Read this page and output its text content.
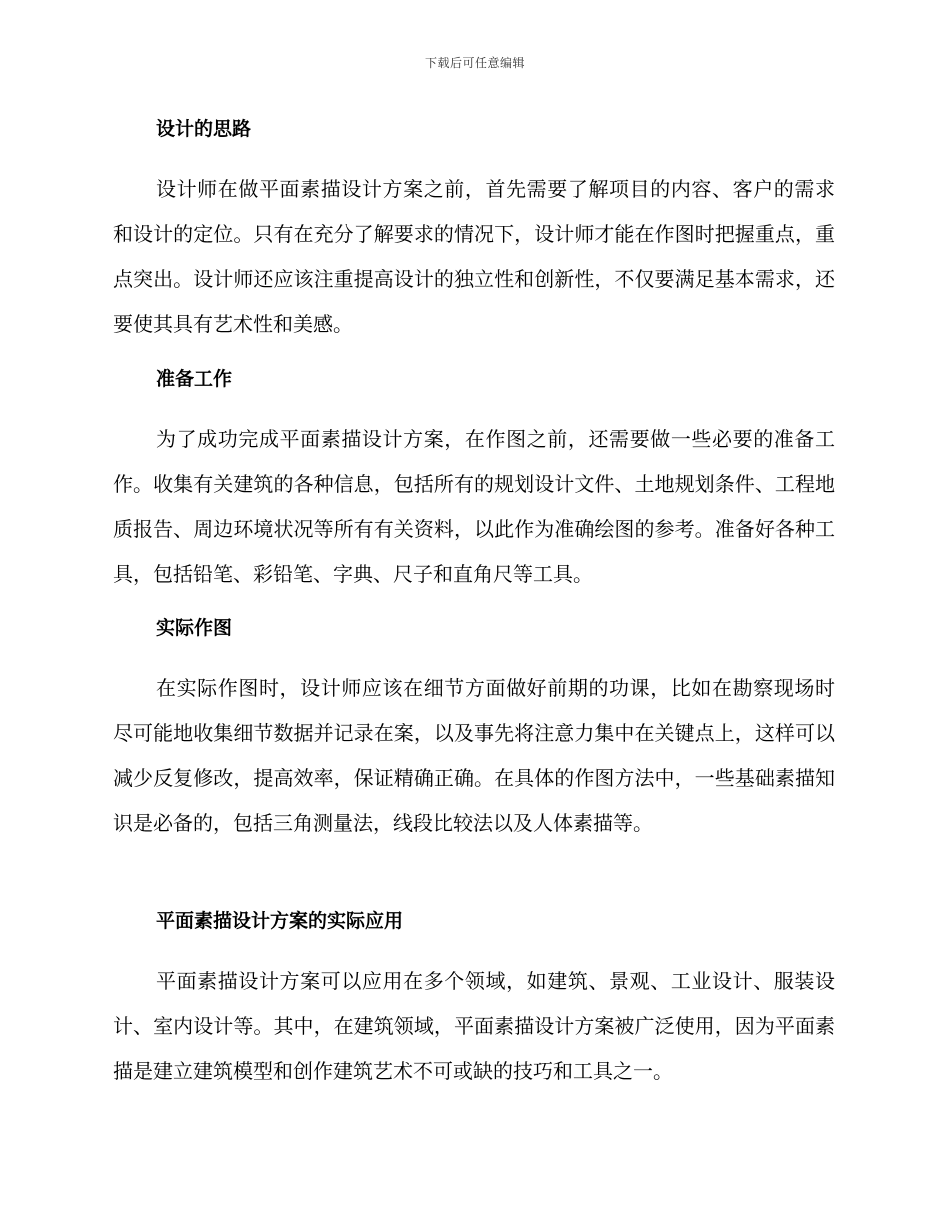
下载后可任意编辑
设计的思路

设计师在做平面素描设计方案之前，首先需要了解项目的内容、客户的需求和设计的定位。只有在充分了解要求的情况下，设计师才能在作图时把握重点，重点突出。设计师还应该注重提高设计的独立性和创新性，不仅要满足基本需求，还要使其具有艺术性和美感。

准备工作

为了成功完成平面素描设计方案，在作图之前，还需要做一些必要的准备工作。收集有关建筑的各种信息，包括所有的规划设计文件、土地规划条件、工程地质报告、周边环境状况等所有有关资料，以此作为准确绘图的参考。准备好各种工具，包括铅笔、彩铅笔、字典、尺子和直角尺等工具。

实际作图

在实际作图时，设计师应该在细节方面做好前期的功课，比如在勘察现场时尽可能地收集细节数据并记录在案，以及事先将注意力集中在关键点上，这样可以减少反复修改，提高效率，保证精确正确。在具体的作图方法中，一些基础素描知识是必备的，包括三角测量法，线段比较法以及人体素描等。

平面素描设计方案的实际应用

平面素描设计方案可以应用在多个领域，如建筑、景观、工业设计、服装设计、室内设计等。其中，在建筑领域，平面素描设计方案被广泛使用，因为平面素描是建立建筑模型和创作建筑艺术不可或缺的技巧和工具之一。
